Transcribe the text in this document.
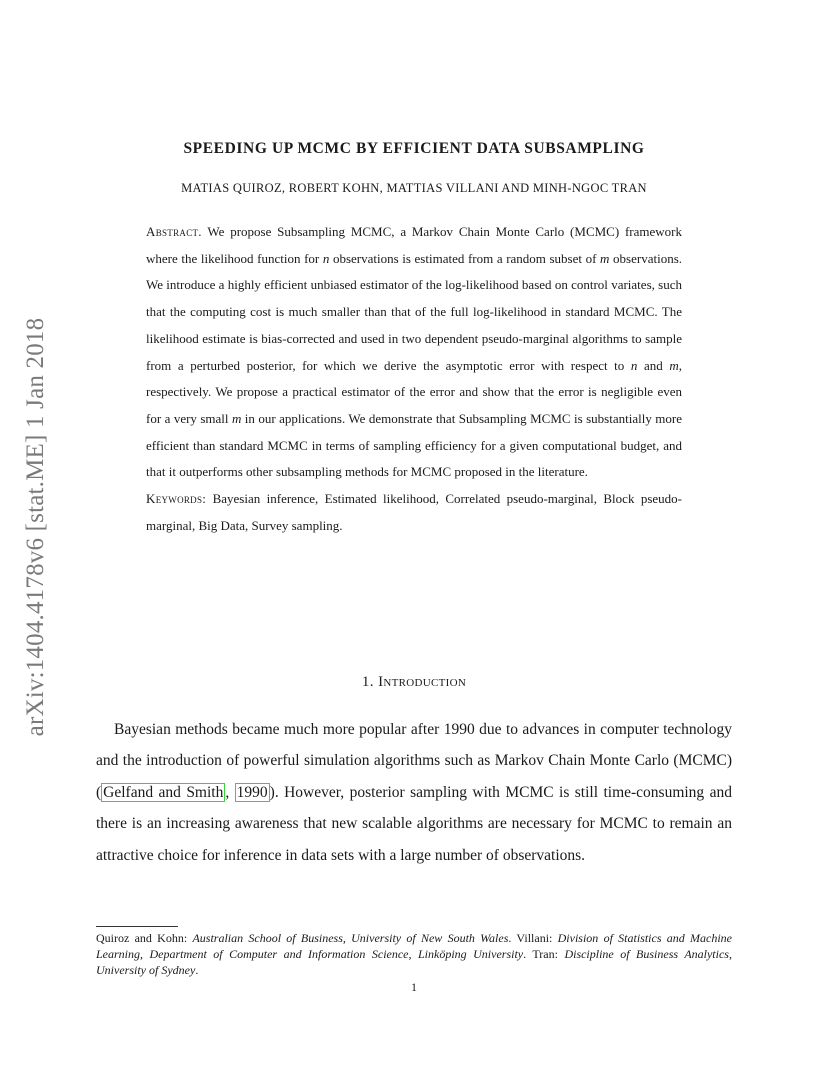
arXiv:1404.4178v6 [stat.ME] 1 Jan 2018
SPEEDING UP MCMC BY EFFICIENT DATA SUBSAMPLING
MATIAS QUIROZ, ROBERT KOHN, MATTIAS VILLANI AND MINH-NGOC TRAN

Abstract. We propose Subsampling MCMC, a Markov Chain Monte Carlo (MCMC) framework where the likelihood function for n observations is estimated from a random subset of m observations. We introduce a highly efficient unbiased estimator of the log-likelihood based on control variates, such that the computing cost is much smaller than that of the full log-likelihood in standard MCMC. The likelihood estimate is bias-corrected and used in two dependent pseudo-marginal algorithms to sample from a perturbed posterior, for which we derive the asymptotic error with respect to n and m, respectively. We propose a practical estimator of the error and show that the error is negligible even for a very small m in our applications. We demonstrate that Subsampling MCMC is substantially more efficient than standard MCMC in terms of sampling efficiency for a given computational budget, and that it outperforms other subsampling methods for MCMC proposed in the literature.

Keywords: Bayesian inference, Estimated likelihood, Correlated pseudo-marginal, Block pseudo-marginal, Big Data, Survey sampling.

1. Introduction

Bayesian methods became much more popular after 1990 due to advances in computer technology and the introduction of powerful simulation algorithms such as Markov Chain Monte Carlo (MCMC) ( Gelfand and Smith , 1990 ). However, posterior sampling with MCMC is still time-consuming and there is an increasing awareness that new scalable algorithms are necessary for MCMC to remain an attractive choice for inference in data sets with a large number of observations.

Quiroz and Kohn: Australian School of Business, University of New South Wales. Villani: Division of Statistics and Machine Learning, Department of Computer and Information Science, Linköping University. Tran: Discipline of Business Analytics, University of Sydney.

1
